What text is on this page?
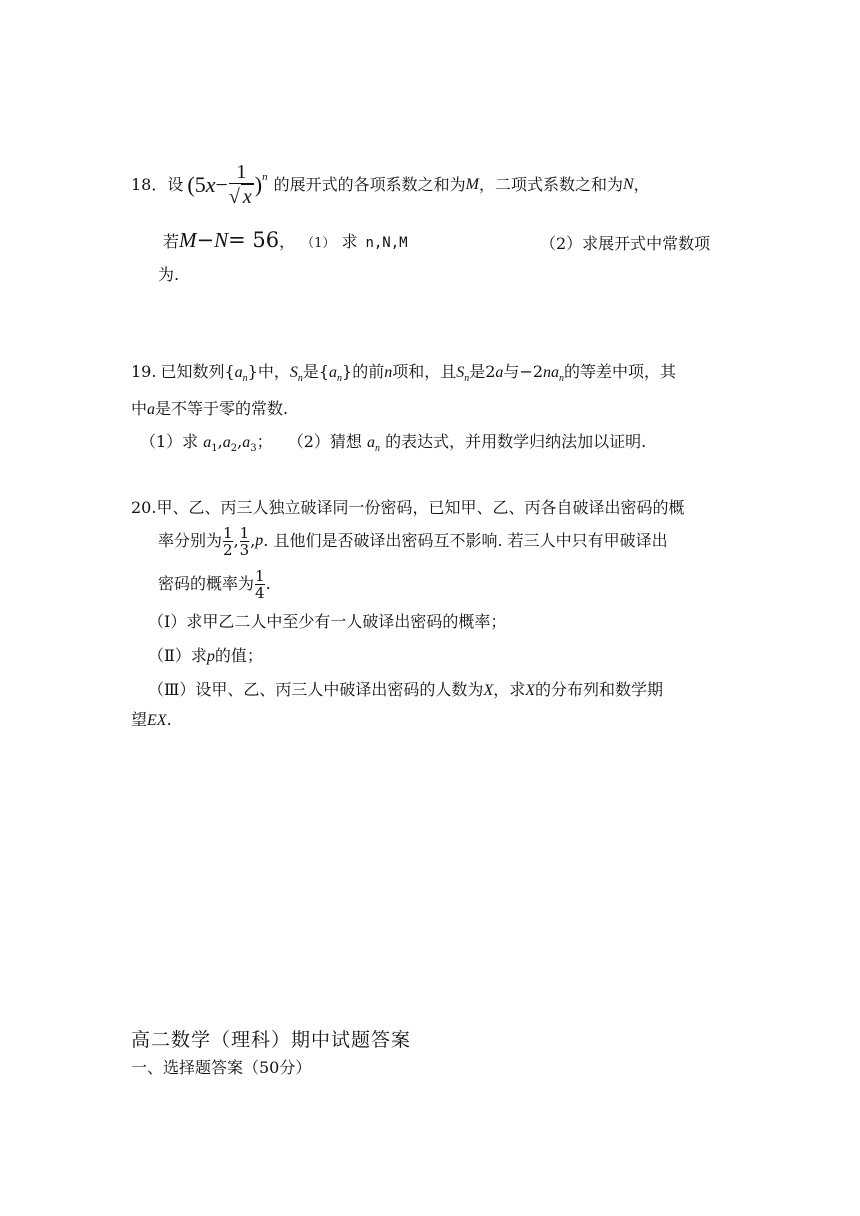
18．设 (5 $x - \frac{1}{√ x}$ ) n 的展开式的各项系数之和为 M ，二项式系数之和为 N ，
若 M − N = 56 ， （1） 求 n,N,M	（2）求展开式中常数项
为.
19. 已知数列{ a n }中， S n 是{ a n }的前 n 项和，且 S n 是 2 a 与 −2 n a n 的等差中项，其
中a是不等于零的常数.
（1）求 $a_1,a_2,a_3$； （2）猜想 $a_n$ 的表达式，并用数学归纳法加以证明.
20.甲、乙、丙三人独立破译同一份密码，已知甲、乙、丙各自破译出密码的概
率分别为 $\frac{1}{2}$ , $\frac{1}{3}$ , p . 且他们是否破译出密码互不影响. 若三人中只有甲破译出
密码的概率为 $\frac{1}{4}$ .
（Ⅰ）求甲乙二人中至少有一人破译出密码的概率；
（Ⅱ）求p的值；
（Ⅲ）设甲、乙、丙三人中破译出密码的人数为X，求X的分布列和数学期
望EX.
高二数学（理科）期中试题答案
一、选择题答案（50分）
